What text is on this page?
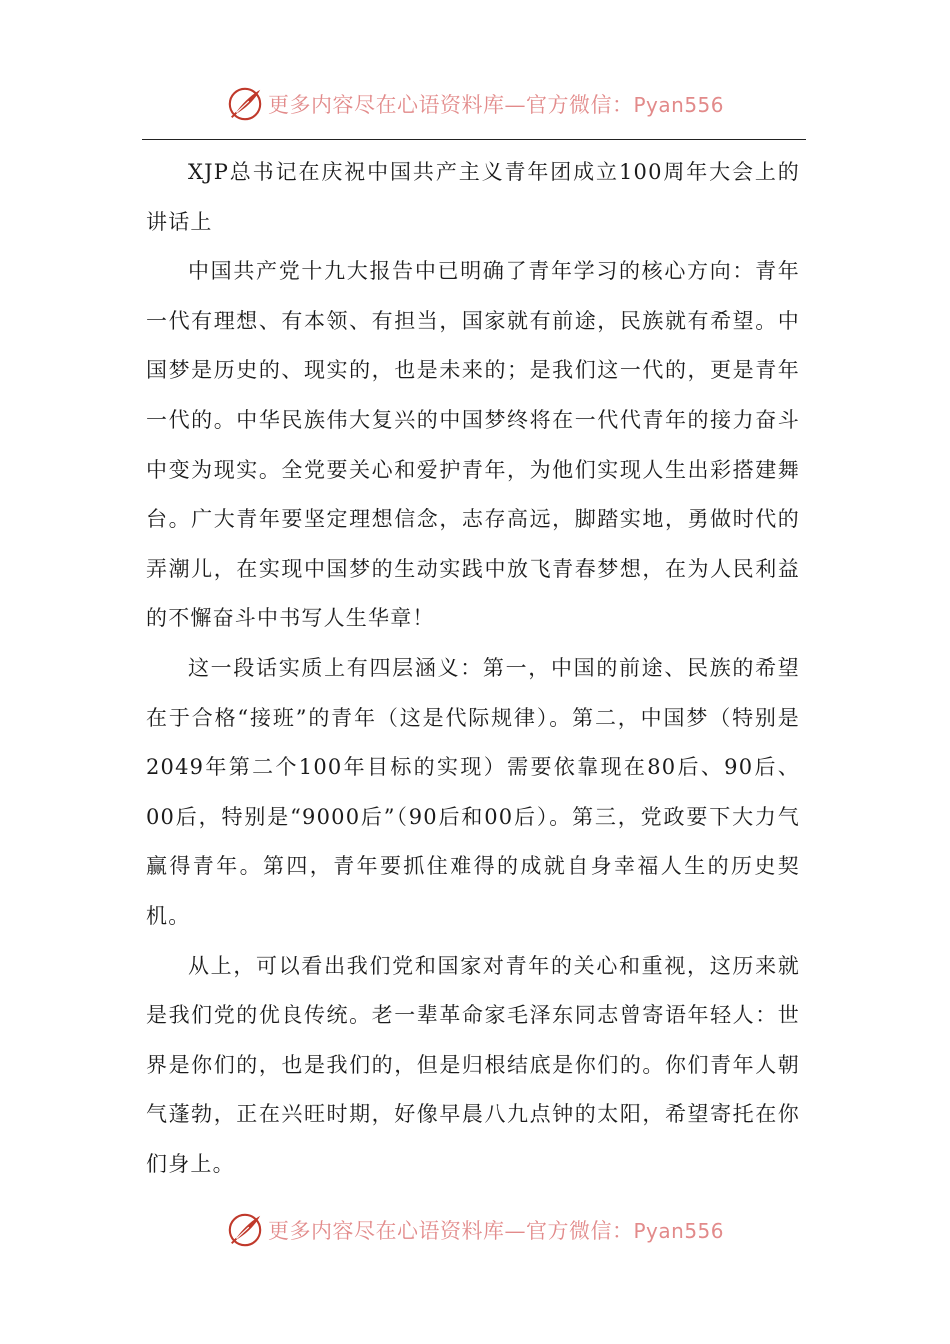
更多内容尽在心语资料库—官方微信：Pyan556

XJP总书记在庆祝中国共产主义青年团成立100周年大会上的讲话上

中国共产党十九大报告中已明确了青年学习的核心方向：青年一代有理想、有本领、有担当，国家就有前途，民族就有希望。中国梦是历史的、现实的，也是未来的；是我们这一代的，更是青年一代的。中华民族伟大复兴的中国梦终将在一代代青年的接力奋斗中变为现实。全党要关心和爱护青年，为他们实现人生出彩搭建舞台。广大青年要坚定理想信念，志存高远，脚踏实地，勇做时代的弄潮儿，在实现中国梦的生动实践中放飞青春梦想，在为人民利益的不懈奋斗中书写人生华章！

这一段话实质上有四层涵义：第一，中国的前途、民族的希望在于合格“接班”的青年（这是代际规律）。第二，中国梦（特别是2049年第二个100年目标的实现）需要依靠现在80后、90后、00后，特别是“9000后”（90后和00后）。第三，党政要下大力气赢得青年。第四，青年要抓住难得的成就自身幸福人生的历史契机。

从上，可以看出我们党和国家对青年的关心和重视，这历来就是我们党的优良传统。老一辈革命家毛泽东同志曾寄语年轻人：世界是你们的，也是我们的，但是归根结底是你们的。你们青年人朝气蓬勃，正在兴旺时期，好像早晨八九点钟的太阳，希望寄托在你们身上。

更多内容尽在心语资料库—官方微信：Pyan556
